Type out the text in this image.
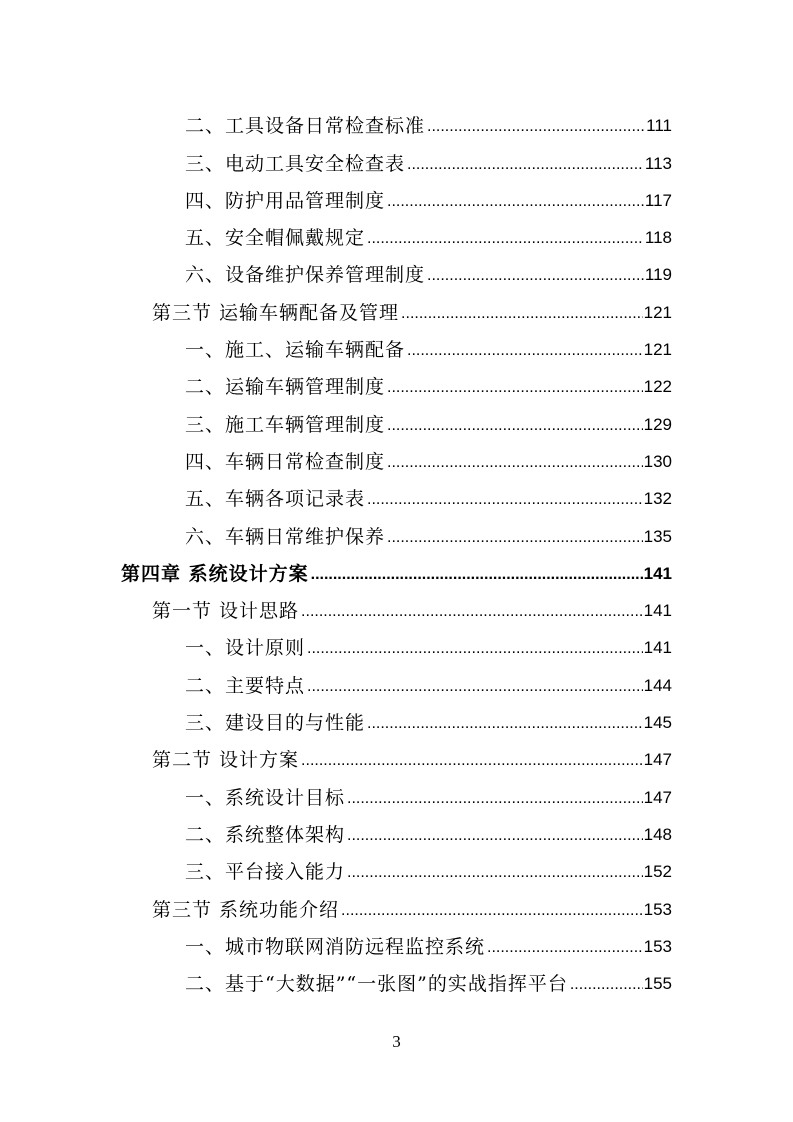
二、工具设备日常检查标准 .....	111
三、电动工具安全检查表 .....	113
四、防护用品管理制度 .....	117
五、安全帽佩戴规定 .....	118
六、设备维护保养管理制度 .....	119
第三节 运输车辆配备及管理 .....	121
一、施工、运输车辆配备 .....	121
二、运输车辆管理制度 .....	122
三、施工车辆管理制度 .....	129
四、车辆日常检查制度 .....	130
五、车辆各项记录表 .....	132
六、车辆日常维护保养 .....	135
第四章 系统设计方案 .....	141
第一节 设计思路 .....	141
一、设计原则 .....	141
二、主要特点 .....	144
三、建设目的与性能 .....	145
第二节 设计方案 .....	147
一、系统设计目标 .....	147
二、系统整体架构 .....	148
三、平台接入能力 .....	152
第三节 系统功能介绍 .....	153
一、城市物联网消防远程监控系统 .....	153
二、基于“大数据”“一张图”的实战指挥平台 .....	155
3
